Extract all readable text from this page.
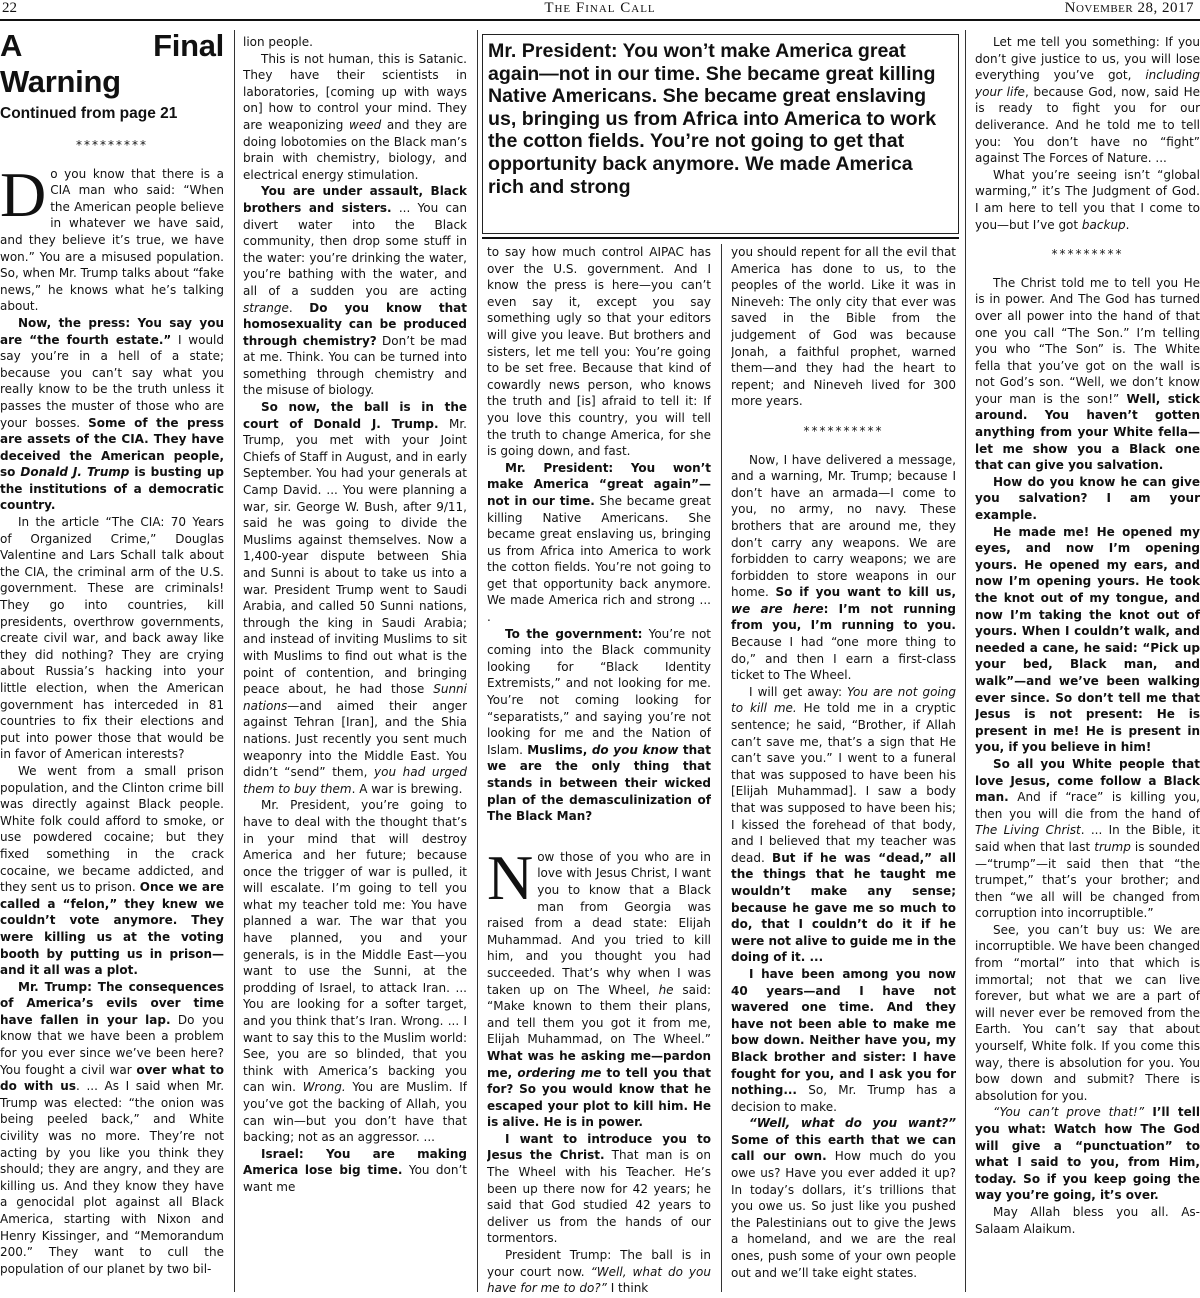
22	The Final Call	November 28, 2017
Mr. President: You won’t make America great again—not in our time. She became great killing Native Americans. She became great enslaving us, bringing us from Africa into America to work the cotton fields. You’re not going to get that opportunity back anymore. We made America rich and strong
A Final Warning
Continued from page 21

*********

Do you know that there is a CIA man who said: “When the American people believe in whatever we have said, and they believe it’s true, we have won.” You are a misused population. So, when Mr. Trump talks about “fake news,” he knows what he’s talking about.

Now, the press: You say you are “the fourth estate.” I would say you’re in a hell of a state; because you can’t say what you really know to be the truth unless it passes the muster of those who are your bosses. Some of the press are assets of the CIA. They have deceived the American people, so Donald J. Trump is busting up the institutions of a democratic country.

In the article “The CIA: 70 Years of Organized Crime,” Douglas Valentine and Lars Schall talk about the CIA, the criminal arm of the U.S. government. These are criminals! They go into countries, kill presidents, overthrow governments, create civil war, and back away like they did nothing? They are crying about Russia’s hacking into your little election, when the American government has interceded in 81 countries to fix their elections and put into power those that would be in favor of American interests?

We went from a small prison population, and the Clinton crime bill was directly against Black people. White folk could afford to smoke, or use powdered cocaine; but they fixed something in the crack cocaine, we became addicted, and they sent us to prison. Once we are called a “felon,” they knew we couldn’t vote anymore. They were killing us at the voting booth by putting us in prison—and it all was a plot.

Mr. Trump: The consequences of America’s evils over time have fallen in your lap. Do you know that we have been a problem for you ever since we’ve been here? You fought a civil war over what to do with us. ... As I said when Mr. Trump was elected: “the onion was being peeled back,” and White civility was no more. They’re not acting by you like you think they should; they are angry, and they are killing us. And they know they have a genocidal plot against all Black America, starting with Nixon and Henry Kissinger, and “Memorandum 200.” They want to cull the population of our planet by two bil-

lion people.

This is not human, this is Satanic. They have their scientists in laboratories, [coming up with ways on] how to control your mind. They are weaponizing weed and they are doing lobotomies on the Black man’s brain with chemistry, biology, and electrical energy stimulation.

You are under assault, Black brothers and sisters. ... You can divert water into the Black community, then drop some stuff in the water: you’re drinking the water, you’re bathing with the water, and all of a sudden you are acting strange. Do you know that homosexuality can be produced through chemistry? Don’t be mad at me. Think. You can be turned into something through chemistry and the misuse of biology.

So now, the ball is in the court of Donald J. Trump. Mr. Trump, you met with your Joint Chiefs of Staff in August, and in early September. You had your generals at Camp David. ... You were planning a war, sir. George W. Bush, after 9/11, said he was going to divide the Muslims against themselves. Now a 1,400-year dispute between Shia and Sunni is about to take us into a war. President Trump went to Saudi Arabia, and called 50 Sunni nations, through the king in Saudi Arabia; and instead of inviting Muslims to sit with Muslims to find out what is the point of contention, and bringing peace about, he had those Sunni nations—and aimed their anger against Tehran [Iran], and the Shia nations. Just recently you sent much weaponry into the Middle East. You didn’t “send” them, you had urged them to buy them. A war is brewing.

Mr. President, you’re going to have to deal with the thought that’s in your mind that will destroy America and her future; because once the trigger of war is pulled, it will escalate. I’m going to tell you what my teacher told me: You have planned a war. The war that you have planned, you and your generals, is in the Middle East—you want to use the Sunni, at the prodding of Israel, to attack Iran. ... You are looking for a softer target, and you think that’s Iran. Wrong. ... I want to say this to the Muslim world: See, you are so blinded, that you think with America’s backing you can win. Wrong. You are Muslim. If you’ve got the backing of Allah, you can win—but you don’t have that backing; not as an aggressor. ...

Israel: You are making America lose big time. You don’t want me

to say how much control AIPAC has over the U.S. government. And I know the press is here—you can’t even say it, except you say something ugly so that your editors will give you leave. But brothers and sisters, let me tell you: You’re going to be set free. Because that kind of cowardly news person, who knows the truth and [is] afraid to tell it: If you love this country, you will tell the truth to change America, for she is going down, and fast.

Mr. President: You won’t make America “great again”—not in our time. She became great killing Native Americans. She became great enslaving us, bringing us from Africa into America to work the cotton fields. You’re not going to get that opportunity back anymore. We made America rich and strong ... .

To the government: You’re not coming into the Black community looking for “Black Identity Extremists,” and not looking for me. You’re not coming looking for “separatists,” and saying you’re not looking for me and the Nation of Islam. Muslims, do you know that we are the only thing that stands in between their wicked plan of the demasculinization of The Black Man?

Now those of you who are in love with Jesus Christ, I want you to know that a Black man from Georgia was raised from a dead state: Elijah Muhammad. And you tried to kill him, and you thought you had succeeded. That’s why when I was taken up on The Wheel, he said: “Make known to them their plans, and tell them you got it from me, Elijah Muhammad, on The Wheel.” What was he asking me—pardon me, ordering me to tell you that for? So you would know that he escaped your plot to kill him. He is alive. He is in power.

I want to introduce you to Jesus the Christ. That man is on The Wheel with his Teacher. He’s been up there now for 42 years; he said that God studied 42 years to deliver us from the hands of our tormentors.

President Trump: The ball is in your court now. “Well, what do you have for me to do?” I think

you should repent for all the evil that America has done to us, to the peoples of the world. Like it was in Nineveh: The only city that ever was saved in the Bible from the judgement of God was because Jonah, a faithful prophet, warned them—and they had the heart to repent; and Nineveh lived for 300 more years.

**********

Now, I have delivered a message, and a warning, Mr. Trump; because I don’t have an armada—I come to you, no army, no navy. These brothers that are around me, they don’t carry any weapons. We are forbidden to carry weapons; we are forbidden to store weapons in our home. So if you want to kill us, we are here: I’m not running from you, I’m running to you. Because I had “one more thing to do,” and then I earn a first-class ticket to The Wheel.

I will get away: You are not going to kill me. He told me in a cryptic sentence; he said, “Brother, if Allah can’t save me, that’s a sign that He can’t save you.” I went to a funeral that was supposed to have been his [Elijah Muhammad]. I saw a body that was supposed to have been his; I kissed the forehead of that body, and I believed that my teacher was dead. But if he was “dead,” all the things that he taught me wouldn’t make any sense; because he gave me so much to do, that I couldn’t do it if he were not alive to guide me in the doing of it. ...

I have been among you now 40 years—and I have not wavered one time. And they have not been able to make me bow down. Neither have you, my Black brother and sister: I have fought for you, and I ask you for nothing... So, Mr. Trump has a decision to make.

“Well, what do you want?” Some of this earth that we can call our own. How much do you owe us? Have you ever added it up? In today’s dollars, it’s trillions that you owe us. So just like you pushed the Palestinians out to give the Jews a homeland, and we are the real ones, push some of your own people out and we’ll take eight states.

Let me tell you something: If you don’t give justice to us, you will lose everything you’ve got, including your life, because God, now, said He is ready to fight you for our deliverance. And he told me to tell you: You don’t have no “fight” against The Forces of Nature. ...

What you’re seeing isn’t “global warming,” it’s The Judgment of God. I am here to tell you that I come to you—but I’ve got backup.

*********

The Christ told me to tell you He is in power. And The God has turned over all power into the hand of that one you call “The Son.” I’m telling you who “The Son” is. The White fella that you’ve got on the wall is not God’s son. “Well, we don’t know your man is the son!” Well, stick around. You haven’t gotten anything from your White fella—let me show you a Black one that can give you salvation.

How do you know he can give you salvation? I am your example.

He made me! He opened my eyes, and now I’m opening yours. He opened my ears, and now I’m opening yours. He took the knot out of my tongue, and now I’m taking the knot out of yours. When I couldn’t walk, and needed a cane, he said: “Pick up your bed, Black man, and walk”—and we’ve been walking ever since. So don’t tell me that Jesus is not present: He is present in me! He is present in you, if you believe in him!

So all you White people that love Jesus, come follow a Black man. And if “race” is killing you, then you will die from the hand of The Living Christ. ... In the Bible, it said when that last trump is sounded—“trump”—it said then that “the trumpet,” that’s your brother; and then “we all will be changed from corruption into incorruptible.”

See, you can’t buy us: We are incorruptible. We have been changed from “mortal” into that which is immortal; not that we can live forever, but what we are a part of will never ever be removed from the Earth. You can’t say that about yourself, White folk. If you come this way, there is absolution for you. You bow down and submit? There is absolution for you.

“You can’t prove that!” I’ll tell you what: Watch how The God will give a “punctuation” to what I said to you, from Him, today. So if you keep going the way you’re going, it’s over.

May Allah bless you all. As-Salaam Alaikum.
